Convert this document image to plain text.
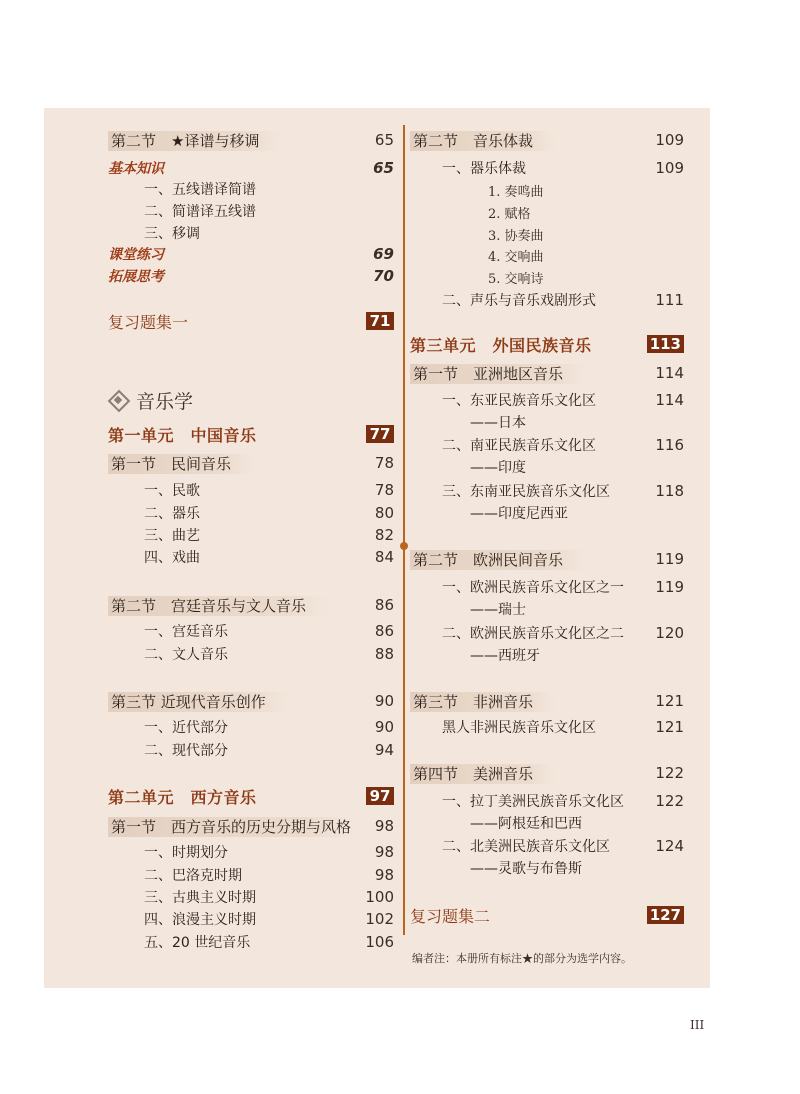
第二节　★译谱与移调	65
基本知识	65
一、五线谱译简谱
二、简谱译五线谱
三、移调
课堂练习	69
拓展思考	70
复习题集一	71
音乐学
第一单元　中国音乐	77
第一节　民间音乐	78
一、民歌	78
二、器乐	80
三、曲艺	82
四、戏曲	84
第二节　宫廷音乐与文人音乐	86
一、宫廷音乐	86
二、文人音乐	88
第三节 近现代音乐创作	90
一、近代部分	90
二、现代部分	94
第二单元　西方音乐	97
第一节　西方音乐的历史分期与风格	98
一、时期划分	98
二、巴洛克时期	98
三、古典主义时期	100
四、浪漫主义时期	102
五、20 世纪音乐	106
第二节　音乐体裁	109
一、器乐体裁	109
1. 奏鸣曲
2. 赋格
3. 协奏曲
4. 交响曲
5. 交响诗
二、声乐与音乐戏剧形式	111
第三单元　外国民族音乐	113
第一节　亚洲地区音乐	114
一、东亚民族音乐文化区	114
——日本
二、南亚民族音乐文化区	116
——印度
三、东南亚民族音乐文化区	118
——印度尼西亚
第二节　欧洲民间音乐	119
一、欧洲民族音乐文化区之一	119
——瑞士
二、欧洲民族音乐文化区之二	120
——西班牙
第三节　非洲音乐	121
黑人非洲民族音乐文化区	121
第四节　美洲音乐	122
一、拉丁美洲民族音乐文化区	122
——阿根廷和巴西
二、北美洲民族音乐文化区	124
——灵歌与布鲁斯
复习题集二	127
编者注：本册所有标注★的部分为选学内容。
III
